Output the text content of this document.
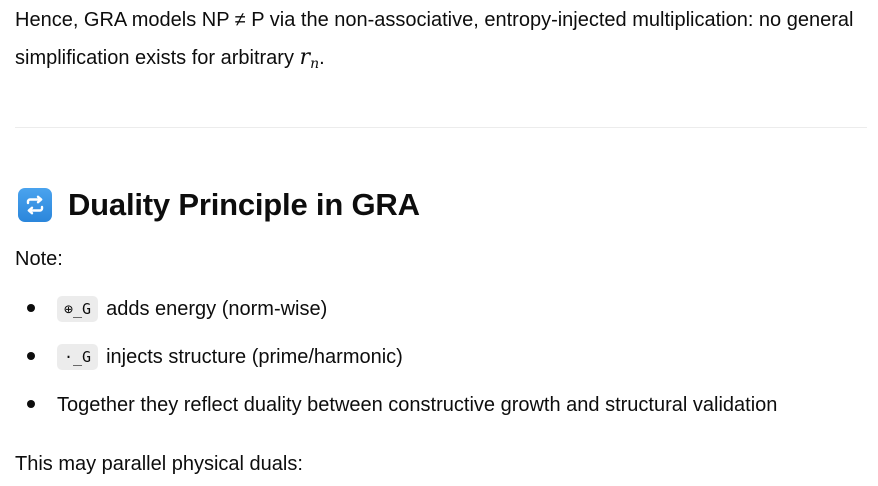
Hence, GRA models NP ≠ P via the non-associative, entropy-injected multiplication: no general simplification exists for arbitrary $r_n$.

Duality Principle in GRA

Note:

⊕_G adds energy (norm-wise)
·_G injects structure (prime/harmonic)
Together they reflect duality between constructive growth and structural validation

This may parallel physical duals:
